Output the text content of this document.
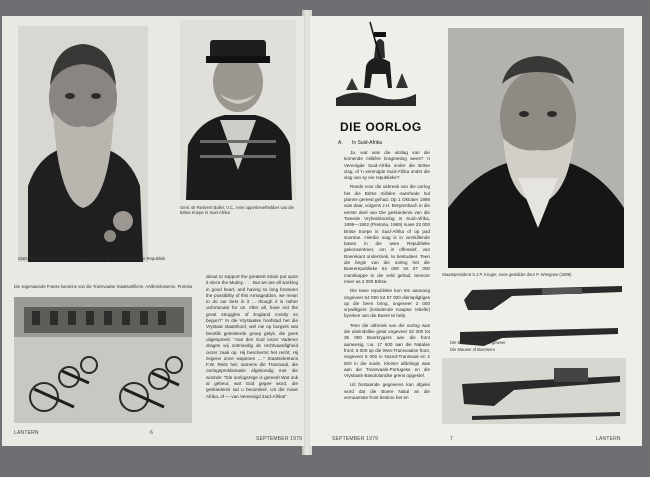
Stats. P.J. Joubert, kommandant-generaal van die Zuid-Afrikaansche Republiek
Genl. sir Redvers Buller, V.C., leier opperbevelhebber van die Britse troepe in Suid-Afrika
Die sogenaamde Franse kanonne van die Transvaalse Staatsartillerie, Artilleriekaserne, Pretoria
about to support the greatest strain put upon it since the Mutiny. . . . But we are all working in good heart, and having so long foreseen the possibility of this Armageddon, we mean to do our best in it ... though it is rather unfortunate for us. After all, have not the great struggles of England mostly so begun?" In die Vrystaatse hoofstad het die Vrystaat staatshoof, wel nie op burgers wat beurtlik geteisterde groep gelyk, die gees uitgespreek: "Aan den God onzer Vaderen dragen wij ootmoedig de rechtvaardigheid onzer zaak op. Hij beschermt het recht; Hij zegene onze wapenen ...." Staatsekretaris F.W. Reitz het, namens die Transvaal, die oorlogsproklamasie afgekondig met die woorde: "Die oorlogsrege is gereed! Wat ook al gebeur, wat God gegee word, die geskiedenis sal u beoordeel. Uit die nuwe Afrika, of — van Vereenigd Zuid-Afrika!"
LANTERN	6
SEPTEMBER 1979
DIE OORLOG
A. In Suid-Afrika

Ja, wat was die uitslag van die komende militêre kragmeting wees? 'n Verenigde Suid-Afrika onder die Britse vlag, of 'n verenigde Suid-Afrika onder die vlag van sy eie republieke?

Reeds voor die uitbreek van die oorlog het die Britse militêre owerhede hul planne gereed gehad. Op 1 Oktober 1899 was daar, volgens J.H. Breytenbach in die eerste deel van Die geskiedenis van die Tweede Vryheidsoorlog in Suid-Afrika, 1899—1902 (Pretoria, 1969) nuwe 22 000 Britse troepe in Suid-Afrika of op pad soontoe. Hierdie mag is in verskillende bases in die twee Republieke gekonsentreer, om in offensief, van Boerekant ondersoek, te bestudeer. Teen die begin van die oorlog het die Boererepublieke 54 000 tot 57 000 manskappe in die veld gehad, teenoor meer as 2 000 Britse.

Die twee republieke kon ten aanvang ongeveer 54 000 tot 57 000 dienspligtiges op die been bring, ongeveer 2 000 vrywilligers (insluitende Kaapse rebelle) byreken van die Boere te help.

Teen die uitbreek van die oorlog was die uiteindelike getal ongeveer 32 000 tot 35 000 Boerkrygers aan die front aanwesig, t.w. 17 600 aan die Natalse front; 6 000 op die Wes-Transvaalse front, ongeveer 5 000 in Noord-Transvaal en 2 500 in die suide. Kleiner afdelings was aan die Transvaals-Portugese en die Vrystaats-Basotolandse grens opgestel.

Uit bostaande gegewens kan afgelei word dat die Boere Natal as die vernaamste front beskou het en

Staatspresident S.J.P. Kruger, soos geskilder deur P. Wirsgrwe (1899)
Die Britse Lee-Enfield-geweer
Die Mauser of Boerwere
SEPTEMBER 1979	7	LANTERN
